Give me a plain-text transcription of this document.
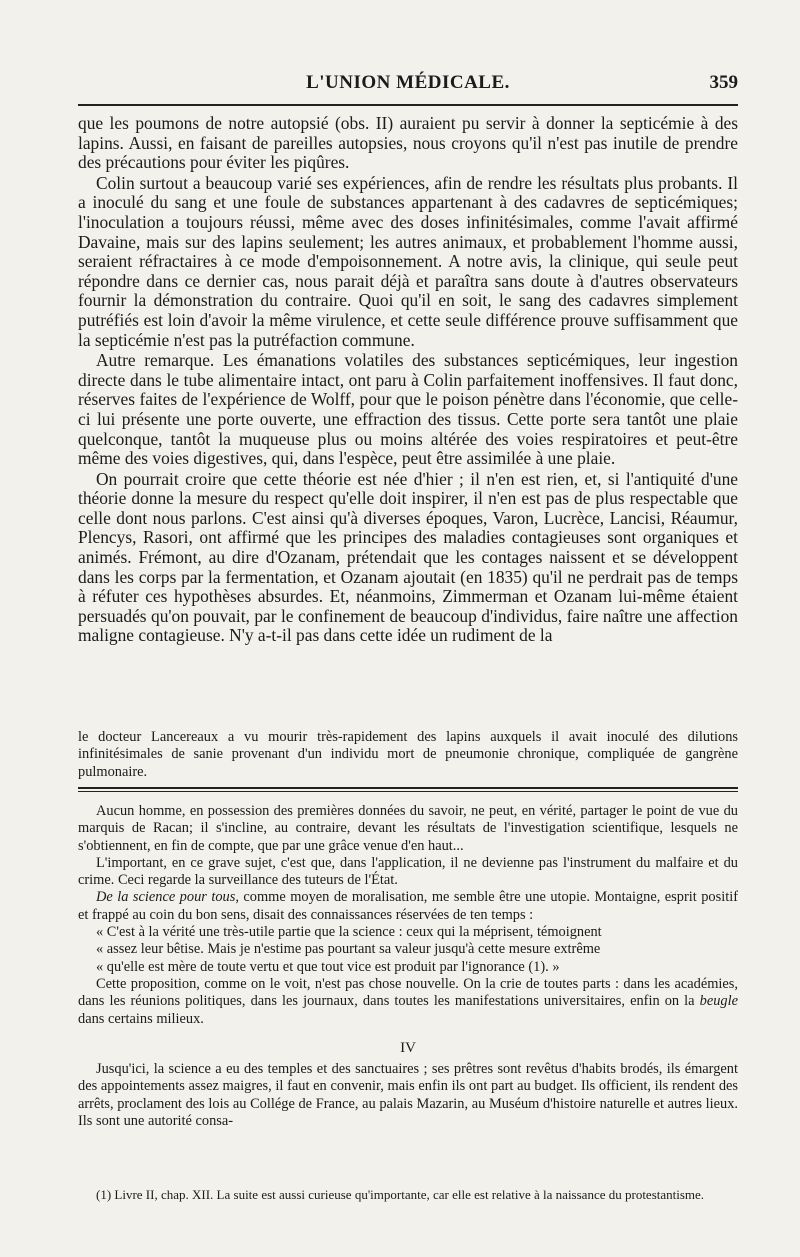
L'UNION MÉDICALE.	359

que les poumons de notre autopsié (obs. II) auraient pu servir à donner la septicémie à des lapins. Aussi, en faisant de pareilles autopsies, nous croyons qu'il n'est pas inutile de prendre des précautions pour éviter les piqûres.

Colin surtout a beaucoup varié ses expériences, afin de rendre les résultats plus probants. Il a inoculé du sang et une foule de substances appartenant à des cadavres de septicémiques; l'inoculation a toujours réussi, même avec des doses infinitésimales, comme l'avait affirmé Davaine, mais sur des lapins seulement; les autres animaux, et probablement l'homme aussi, seraient réfractaires à ce mode d'empoisonnement. A notre avis, la clinique, qui seule peut répondre dans ce dernier cas, nous parait déjà et paraîtra sans doute à d'autres observateurs fournir la démonstration du contraire. Quoi qu'il en soit, le sang des cadavres simplement putréfiés est loin d'avoir la même virulence, et cette seule différence prouve suffisamment que la septicémie n'est pas la putréfaction commune.

Autre remarque. Les émanations volatiles des substances septicémiques, leur ingestion directe dans le tube alimentaire intact, ont paru à Colin parfaitement inoffensives. Il faut donc, réserves faites de l'expérience de Wolff, pour que le poison pénètre dans l'économie, que celle-ci lui présente une porte ouverte, une effraction des tissus. Cette porte sera tantôt une plaie quelconque, tantôt la muqueuse plus ou moins altérée des voies respiratoires et peut-être même des voies digestives, qui, dans l'espèce, peut être assimilée à une plaie.

On pourrait croire que cette théorie est née d'hier ; il n'en est rien, et, si l'antiquité d'une théorie donne la mesure du respect qu'elle doit inspirer, il n'en est pas de plus respectable que celle dont nous parlons. C'est ainsi qu'à diverses époques, Varon, Lucrèce, Lancisi, Réaumur, Plencys, Rasori, ont affirmé que les principes des maladies contagieuses sont organiques et animés. Frémont, au dire d'Ozanam, prétendait que les contages naissent et se développent dans les corps par la fermentation, et Ozanam ajoutait (en 1835) qu'il ne perdrait pas de temps à réfuter ces hypothèses absurdes. Et, néanmoins, Zimmerman et Ozanam lui-même étaient persuadés qu'on pouvait, par le confinement de beaucoup d'individus, faire naître une affection maligne contagieuse. N'y a-t-il pas dans cette idée un rudiment de la

le docteur Lancereaux a vu mourir très-rapidement des lapins auxquels il avait inoculé des dilutions infinitésimales de sanie provenant d'un individu mort de pneumonie chronique, compliquée de gangrène pulmonaire.

Aucun homme, en possession des premières données du savoir, ne peut, en vérité, partager le point de vue du marquis de Racan; il s'incline, au contraire, devant les résultats de l'investigation scientifique, lesquels ne s'obtiennent, en fin de compte, que par une grâce venue d'en haut...

L'important, en ce grave sujet, c'est que, dans l'application, il ne devienne pas l'instrument du malfaire et du crime. Ceci regarde la surveillance des tuteurs de l'État.

De la science pour tous, comme moyen de moralisation, me semble être une utopie. Montaigne, esprit positif et frappé au coin du bon sens, disait des connaissances réservées de ten temps :

« C'est à la vérité une très-utile partie que la science : ceux qui la méprisent, témoignent

« assez leur bêtise. Mais je n'estime pas pourtant sa valeur jusqu'à cette mesure extrême

« qu'elle est mère de toute vertu et que tout vice est produit par l'ignorance (1). »

Cette proposition, comme on le voit, n'est pas chose nouvelle. On la crie de toutes parts : dans les académies, dans les réunions politiques, dans les journaux, dans toutes les manifestations universitaires, enfin on la beugle dans certains milieux.

IV

Jusqu'ici, la science a eu des temples et des sanctuaires ; ses prêtres sont revêtus d'habits brodés, ils émargent des appointements assez maigres, il faut en convenir, mais enfin ils ont part au budget. Ils officient, ils rendent des arrêts, proclament des lois au Collége de France, au palais Mazarin, au Muséum d'histoire naturelle et autres lieux. Ils sont une autorité consa-

(1) Livre II, chap. XII. La suite est aussi curieuse qu'importante, car elle est relative à la naissance du protestantisme.
